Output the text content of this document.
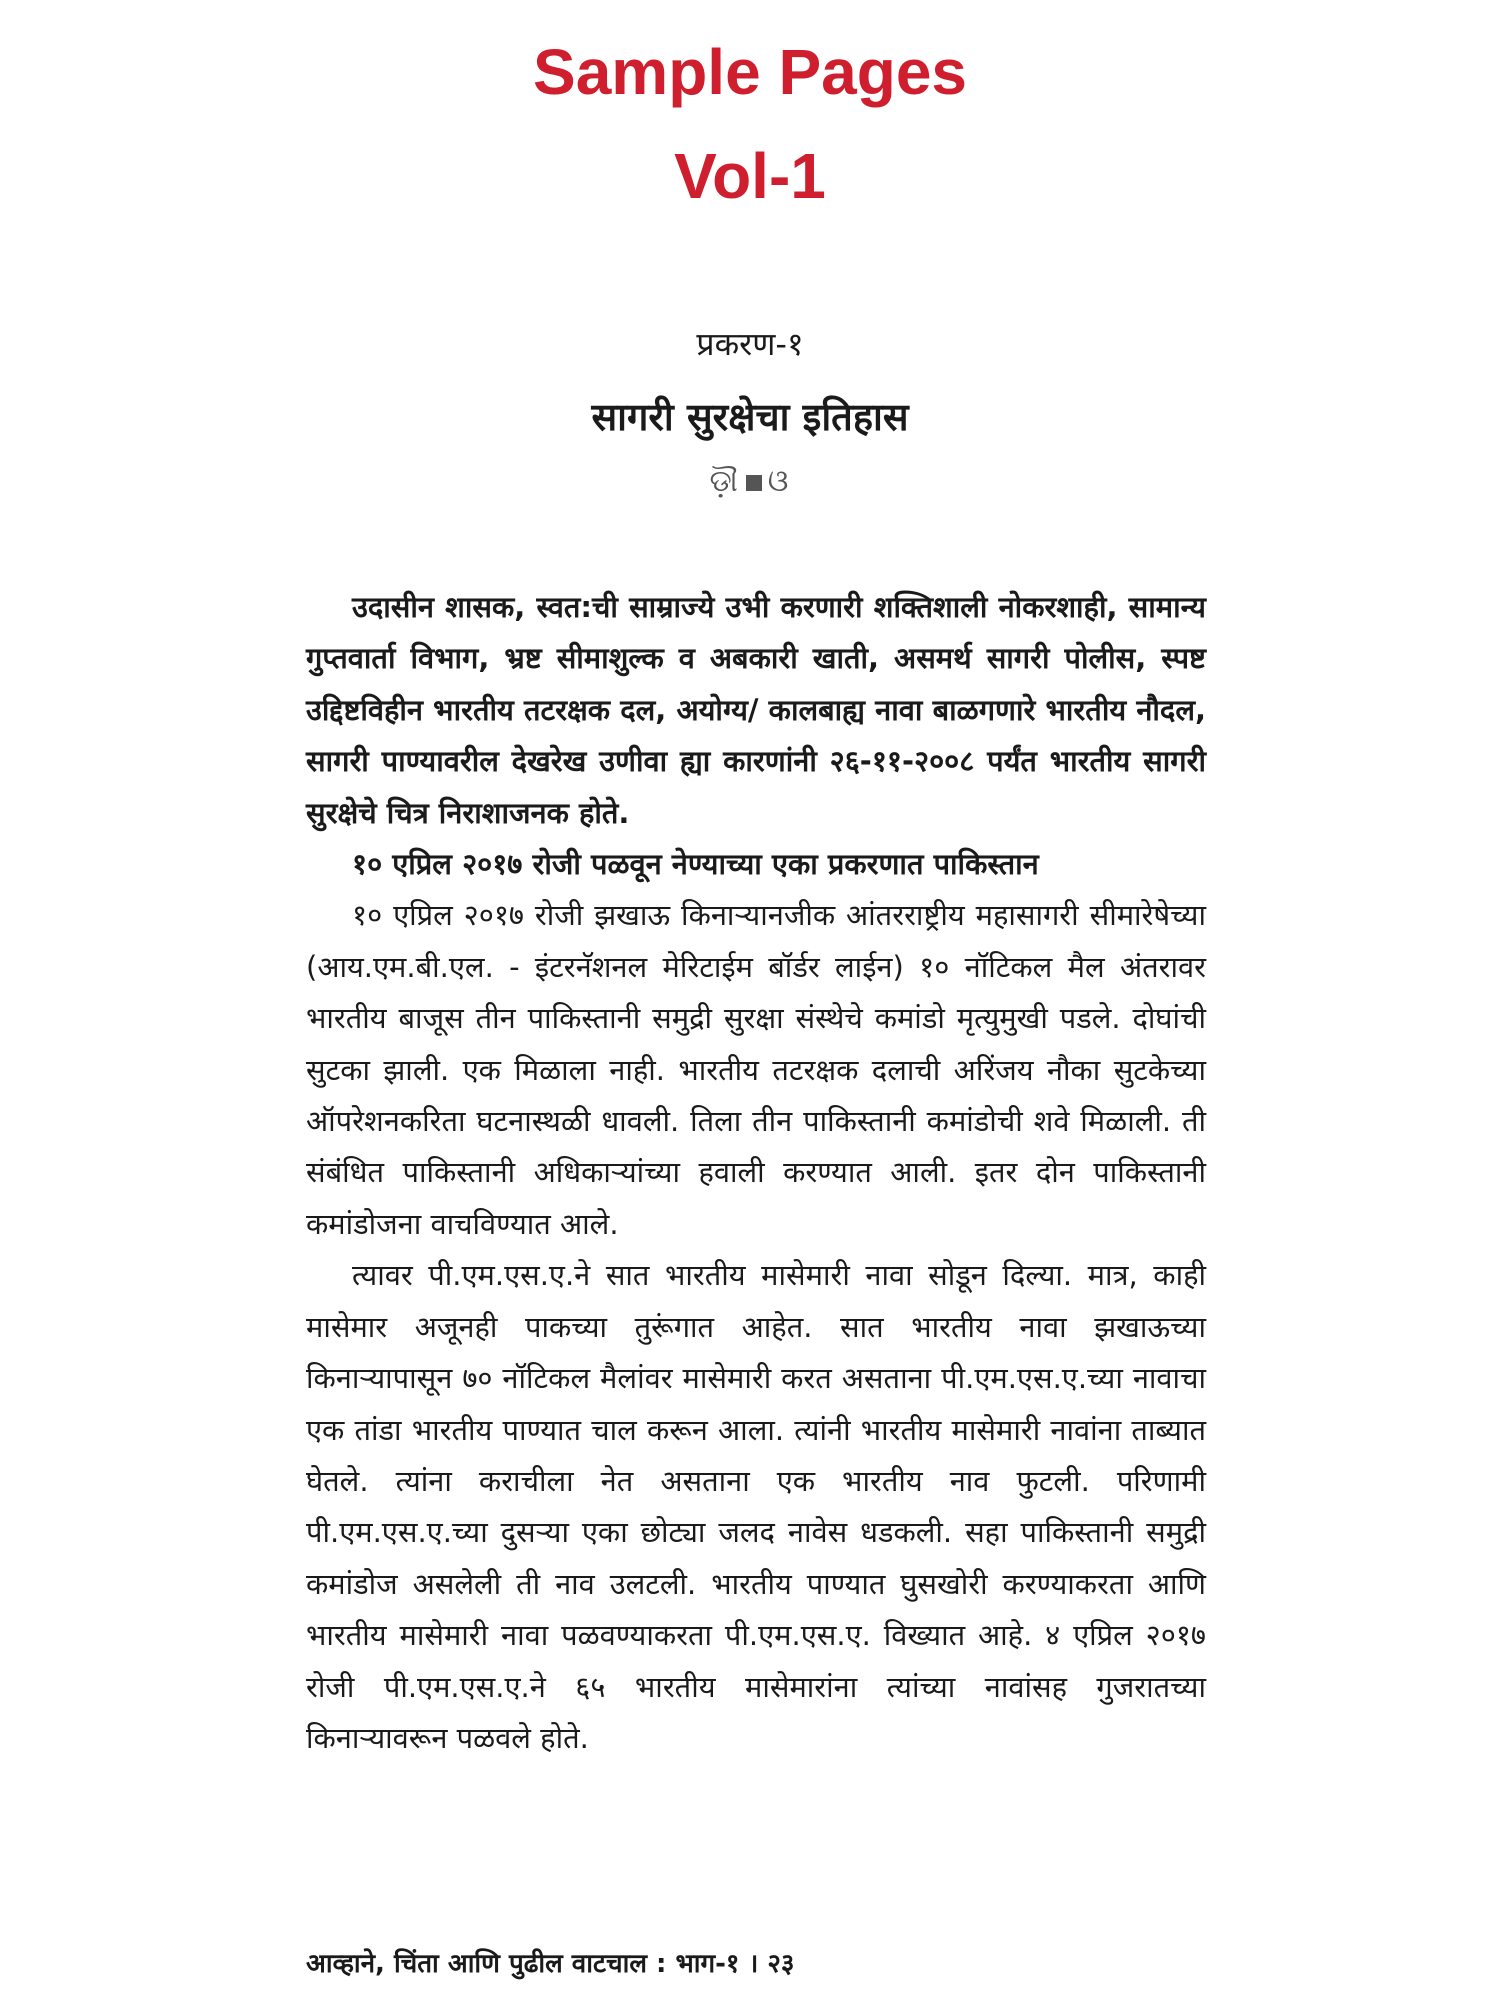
Sample Pages
Vol-1
प्रकरण-१
सागरी सुरक्षेचा इतिहास
ଡ଼ୗ ଓ

उदासीन शासक, स्वत:ची साम्राज्ये उभी करणारी शक्तिशाली नोकरशाही, सामान्य गुप्तवार्ता विभाग, भ्रष्ट सीमाशुल्क व अबकारी खाती, असमर्थ सागरी पोलीस, स्पष्ट उद्दिष्टविहीन भारतीय तटरक्षक दल, अयोग्य/ कालबाह्य नावा बाळगणारे भारतीय नौदल, सागरी पाण्यावरील देखरेख उणीवा ह्या कारणांनी २६-११-२००८ पर्यंत भारतीय सागरी सुरक्षेचे चित्र निराशाजनक होते.

१० एप्रिल २०१७ रोजी पळवून नेण्याच्या एका प्रकरणात पाकिस्तान

१० एप्रिल २०१७ रोजी झखाऊ किनाऱ्यानजीक आंतरराष्ट्रीय महासागरी सीमारेषेच्या (आय.एम.बी.एल. - इंटरनॅशनल मेरिटाईम बॉर्डर लाईन) १० नॉटिकल मैल अंतरावर भारतीय बाजूस तीन पाकिस्तानी समुद्री सुरक्षा संस्थेचे कमांडो मृत्युमुखी पडले. दोघांची सुटका झाली. एक मिळाला नाही. भारतीय तटरक्षक दलाची अरिंजय नौका सुटकेच्या ऑपरेशनकरिता घटनास्थळी धावली. तिला तीन पाकिस्तानी कमांडोची शवे मिळाली. ती संबंधित पाकिस्तानी अधिकाऱ्यांच्या हवाली करण्यात आली. इतर दोन पाकिस्तानी कमांडोजना वाचविण्यात आले.

त्यावर पी.एम.एस.ए.ने सात भारतीय मासेमारी नावा सोडून दिल्या. मात्र, काही मासेमार अजूनही पाकच्या तुरूंगात आहेत. सात भारतीय नावा झखाऊच्या किनाऱ्यापासून ७० नॉटिकल मैलांवर मासेमारी करत असताना पी.एम.एस.ए.च्या नावाचा एक तांडा भारतीय पाण्यात चाल करून आला. त्यांनी भारतीय मासेमारी नावांना ताब्यात घेतले. त्यांना कराचीला नेत असताना एक भारतीय नाव फुटली. परिणामी पी.एम.एस.ए.च्या दुसऱ्या एका छोट्या जलद नावेस धडकली. सहा पाकिस्तानी समुद्री कमांडोज असलेली ती नाव उलटली. भारतीय पाण्यात घुसखोरी करण्याकरता आणि भारतीय मासेमारी नावा पळवण्याकरता पी.एम.एस.ए. विख्यात आहे. ४ एप्रिल २०१७ रोजी पी.एम.एस.ए.ने ६५ भारतीय मासेमारांना त्यांच्या नावांसह गुजरातच्या किनाऱ्यावरून पळवले होते.

आव्हाने, चिंता आणि पुढील वाटचाल : भाग-१ । २३
